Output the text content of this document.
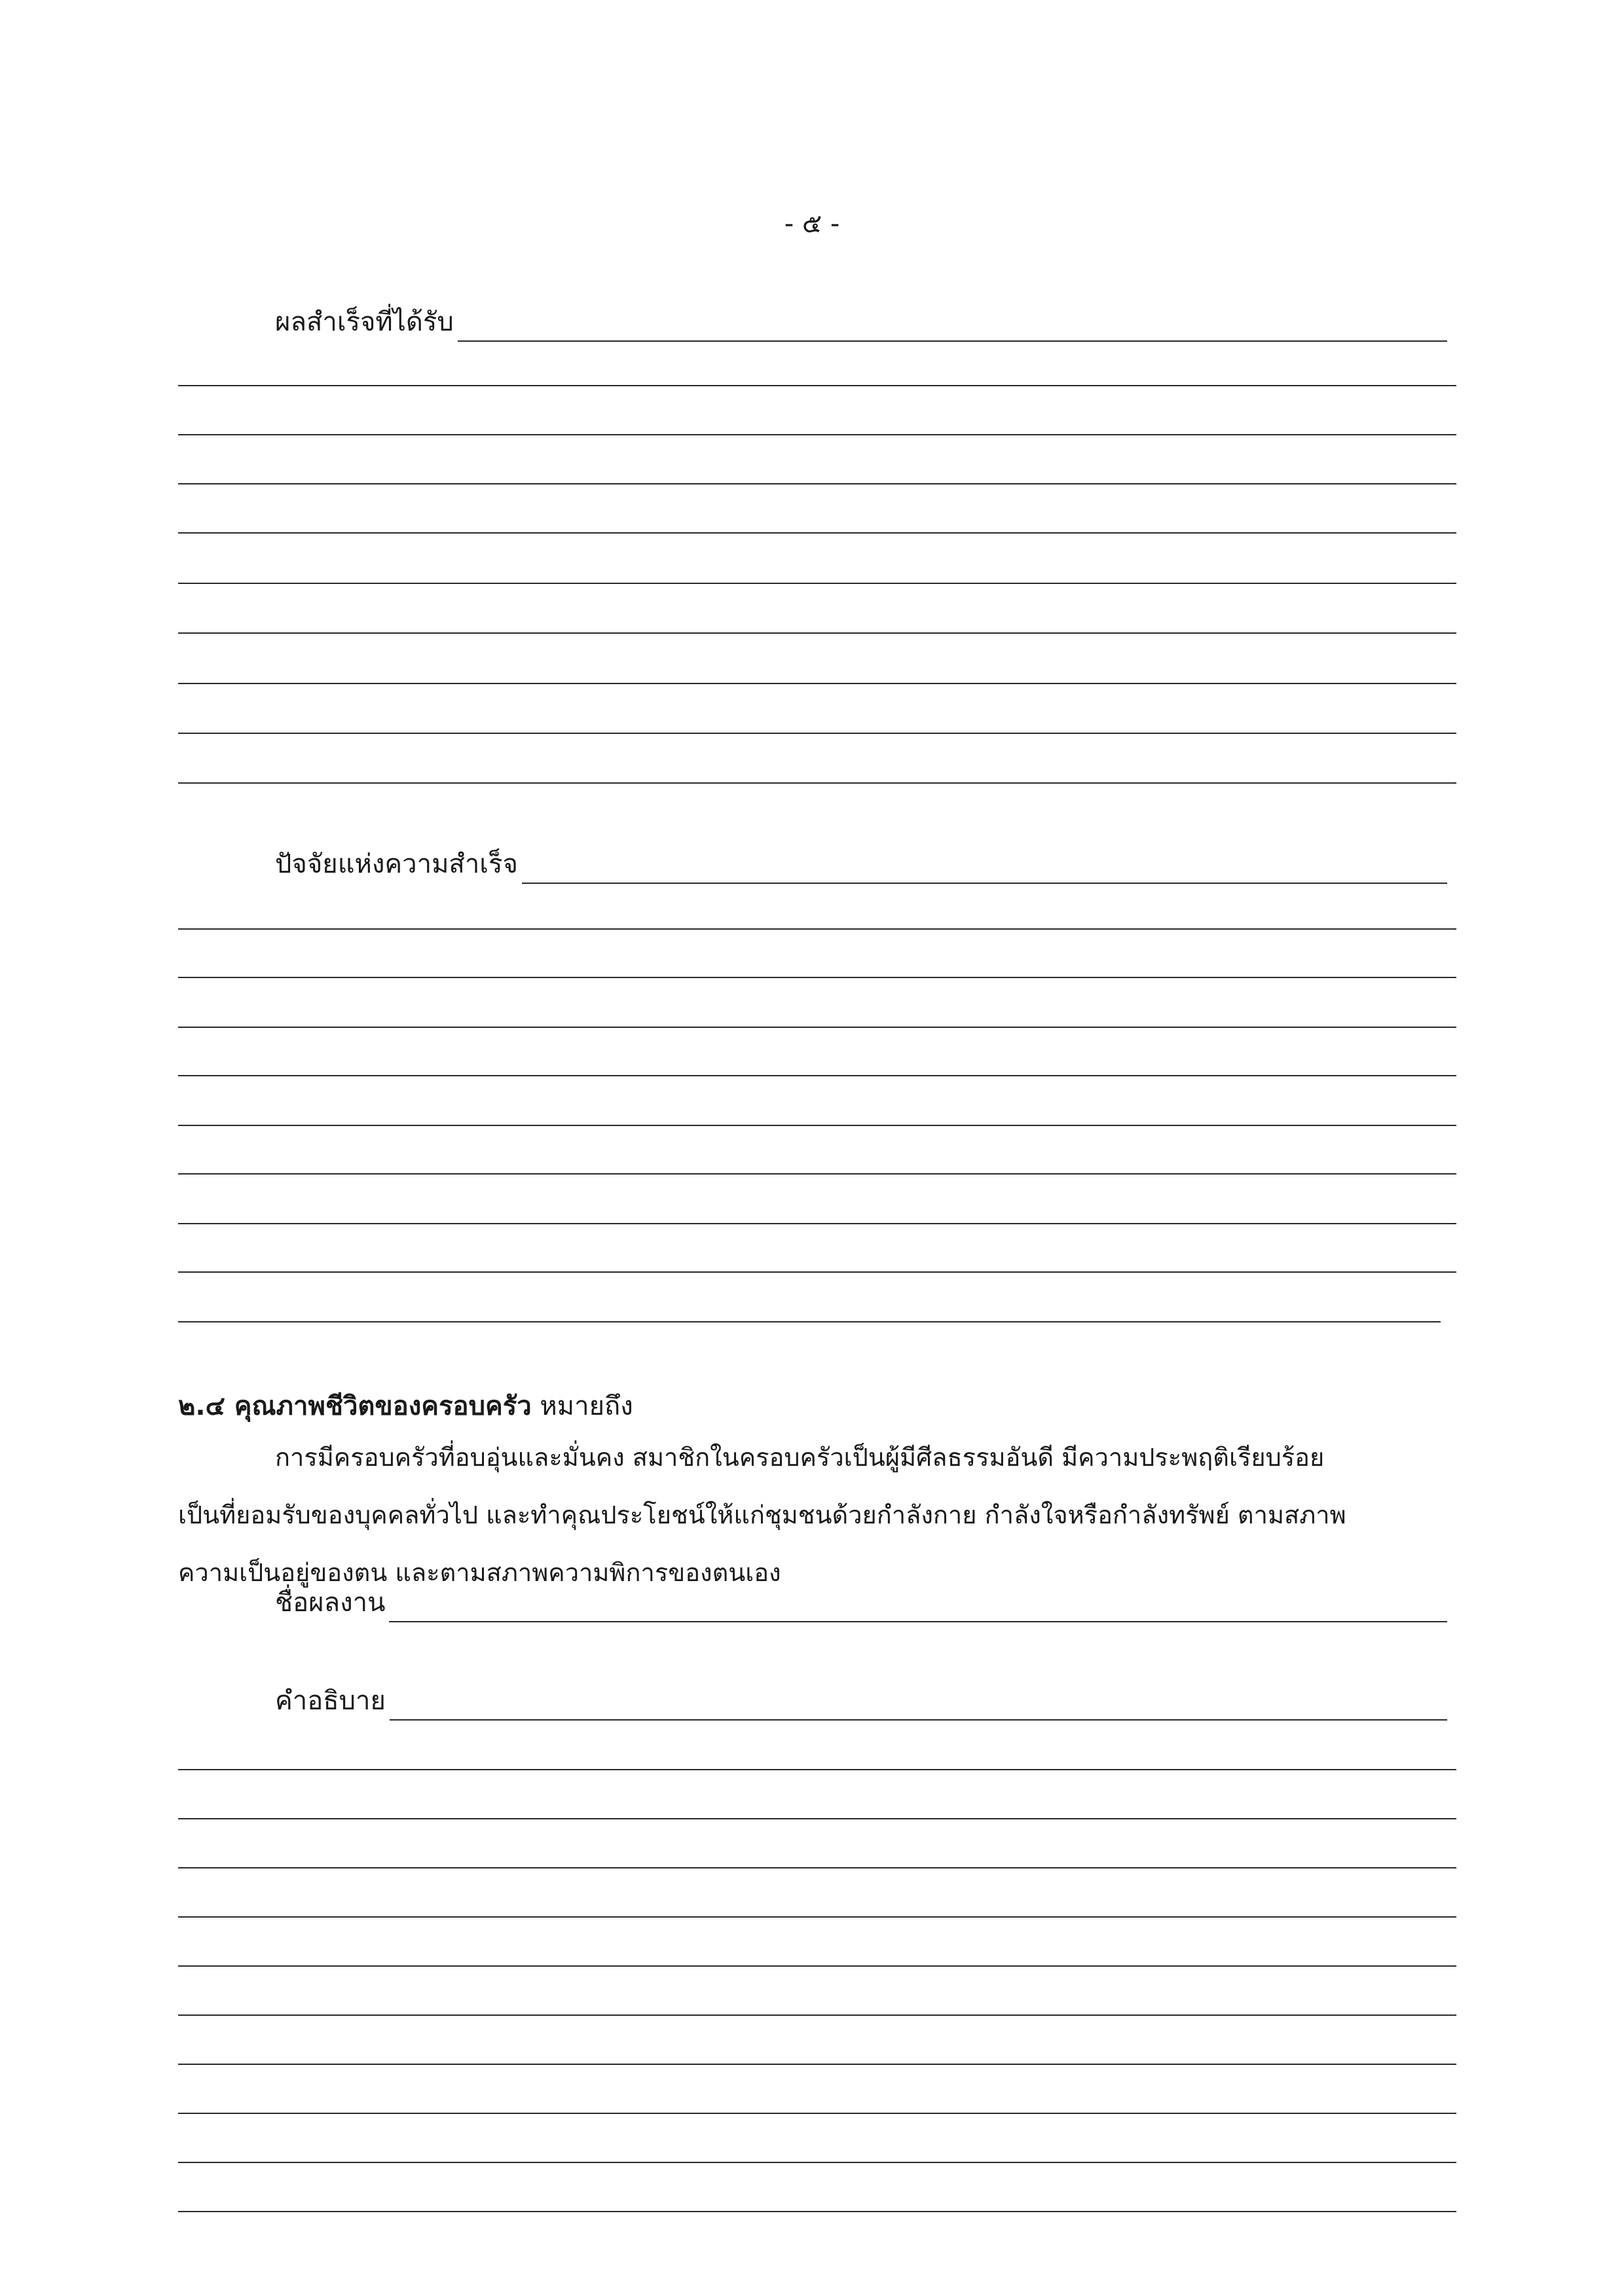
- ๕ -
ผลสำเร็จที่ได้รับ
ปัจจัยแห่งความสำเร็จ
๒.๔ คุณภาพชีวิตของครอบครัว หมายถึง
การมีครอบครัวที่อบอุ่นและมั่นคง สมาชิกในครอบครัวเป็นผู้มีศีลธรรมอันดี มีความประพฤติเรียบร้อย
เป็นที่ยอมรับของบุคคลทั่วไป และทำคุณประโยชน์ให้แก่ชุมชนด้วยกำลังกาย กำลังใจหรือกำลังทรัพย์ ตามสภาพ
ความเป็นอยู่ของตน และตามสภาพความพิการของตนเอง
ชื่อผลงาน
คำอธิบาย
